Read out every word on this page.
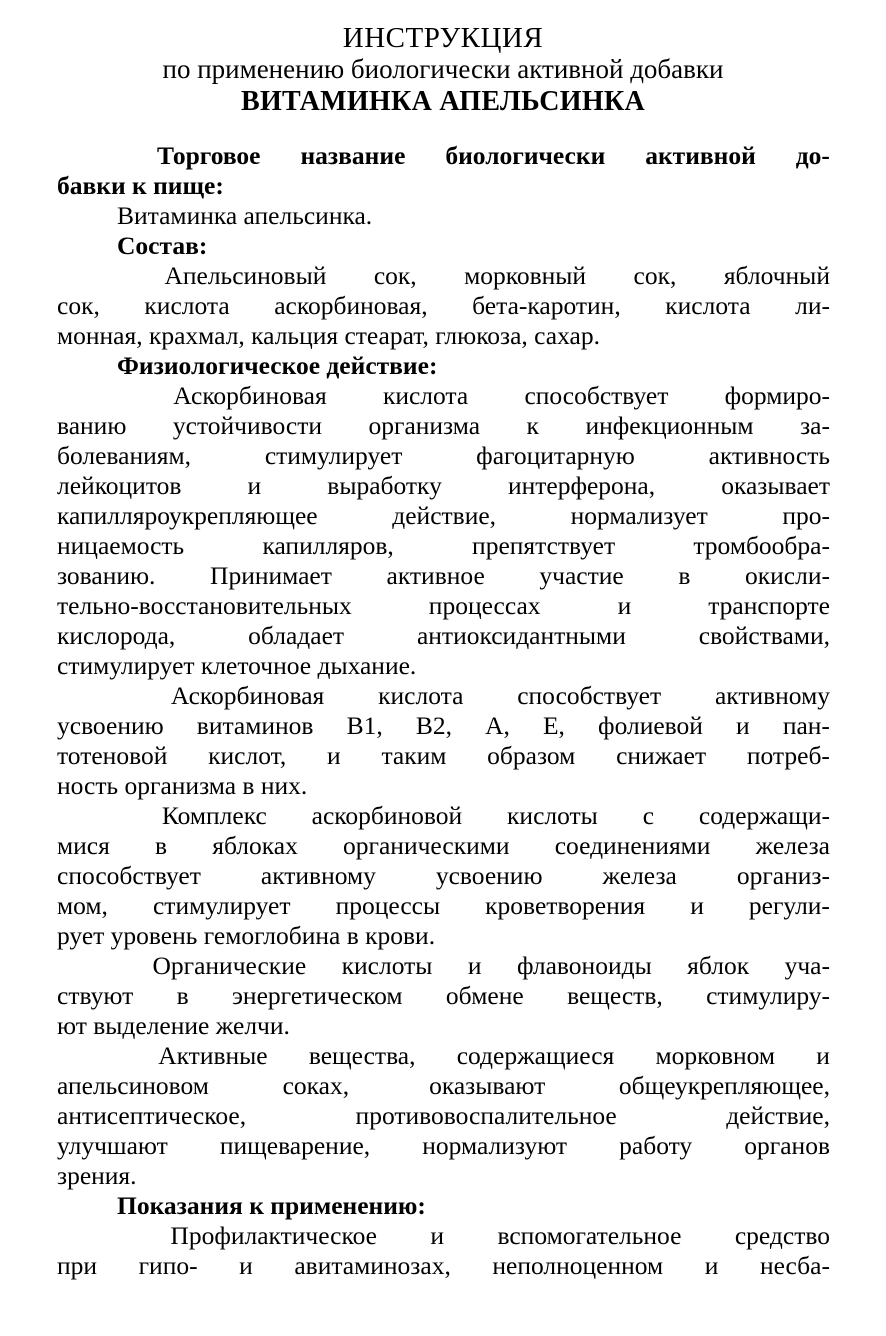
ИНСТРУКЦИЯ
по применению биологически активной добавки
ВИТАМИНКА АПЕЛЬСИНКА
Торговое название биологически активной до-
бавки к пище:
Витаминка апельсинка.
Состав:
Апельсиновый сок, морковный сок, яблочный
сок, кислота аскорбиновая, бета-каротин, кислота ли-
монная, крахмал, кальция стеарат, глюкоза, сахар.
Физиологическое действие:
Аскорбиновая кислота способствует формиро-
ванию устойчивости организма к инфекционным за-
болеваниям,	стимулирует	фагоцитарную	активность
лейкоцитов	и	выработку	интерферона,	оказывает
капилляроукрепляющее	действие,	нормализует	про-
ницаемость	капилляров,	препятствует	тромбообра-
зованию. Принимает активное участие в окисли-
тельно-восстановительных	процессах	и	транспорте
кислорода,	обладает	антиоксидантными	свойствами,
стимулирует клеточное дыхание.
Аскорбиновая кислота способствует активному
усвоению витаминов В1, В2, А, Е, фолиевой и пан-
тотеновой кислот, и таким образом снижает потреб-
ность организма в них.
Комплекс аскорбиновой кислоты с содержащи-
мися в яблоках органическими соединениями железа
способствует активному усвоению железа организ-
мом, стимулирует процессы кроветворения и регули-
рует уровень гемоглобина в крови.
Органические кислоты и флавоноиды яблок уча-
ствуют в энергетическом обмене веществ, стимулиру-
ют выделение желчи.
Активные вещества, содержащиеся морковном и
апельсиновом	соках,	оказывают	общеукрепляющее,
антисептическое,	противовоспалительное	действие,
улучшают пищеварение, нормализуют работу органов
зрения.
Показания к применению:
Профилактическое и вспомогательное средство
при гипо- и авитаминозах, неполноценном и несба-
